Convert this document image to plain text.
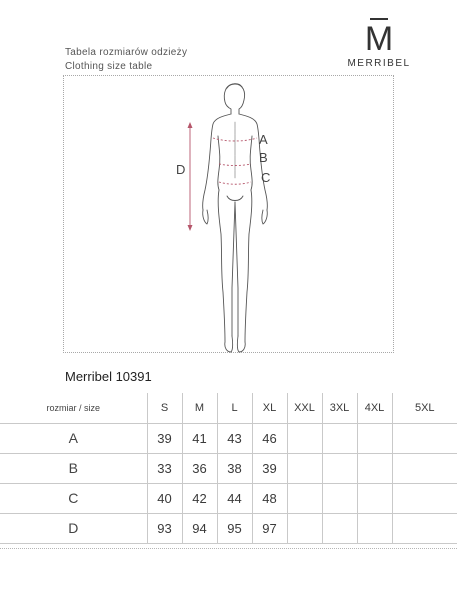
M
MERRIBEL
Tabela rozmiarów odzieży
Clothing size table
A
B
C
D
Merribel 10391
rozmiar / size	S	M	L	XL	XXL	3XL	4XL	5XL
A	39	41	43	46				
B	33	36	38	39				
C	40	42	44	48				
D	93	94	95	97				
